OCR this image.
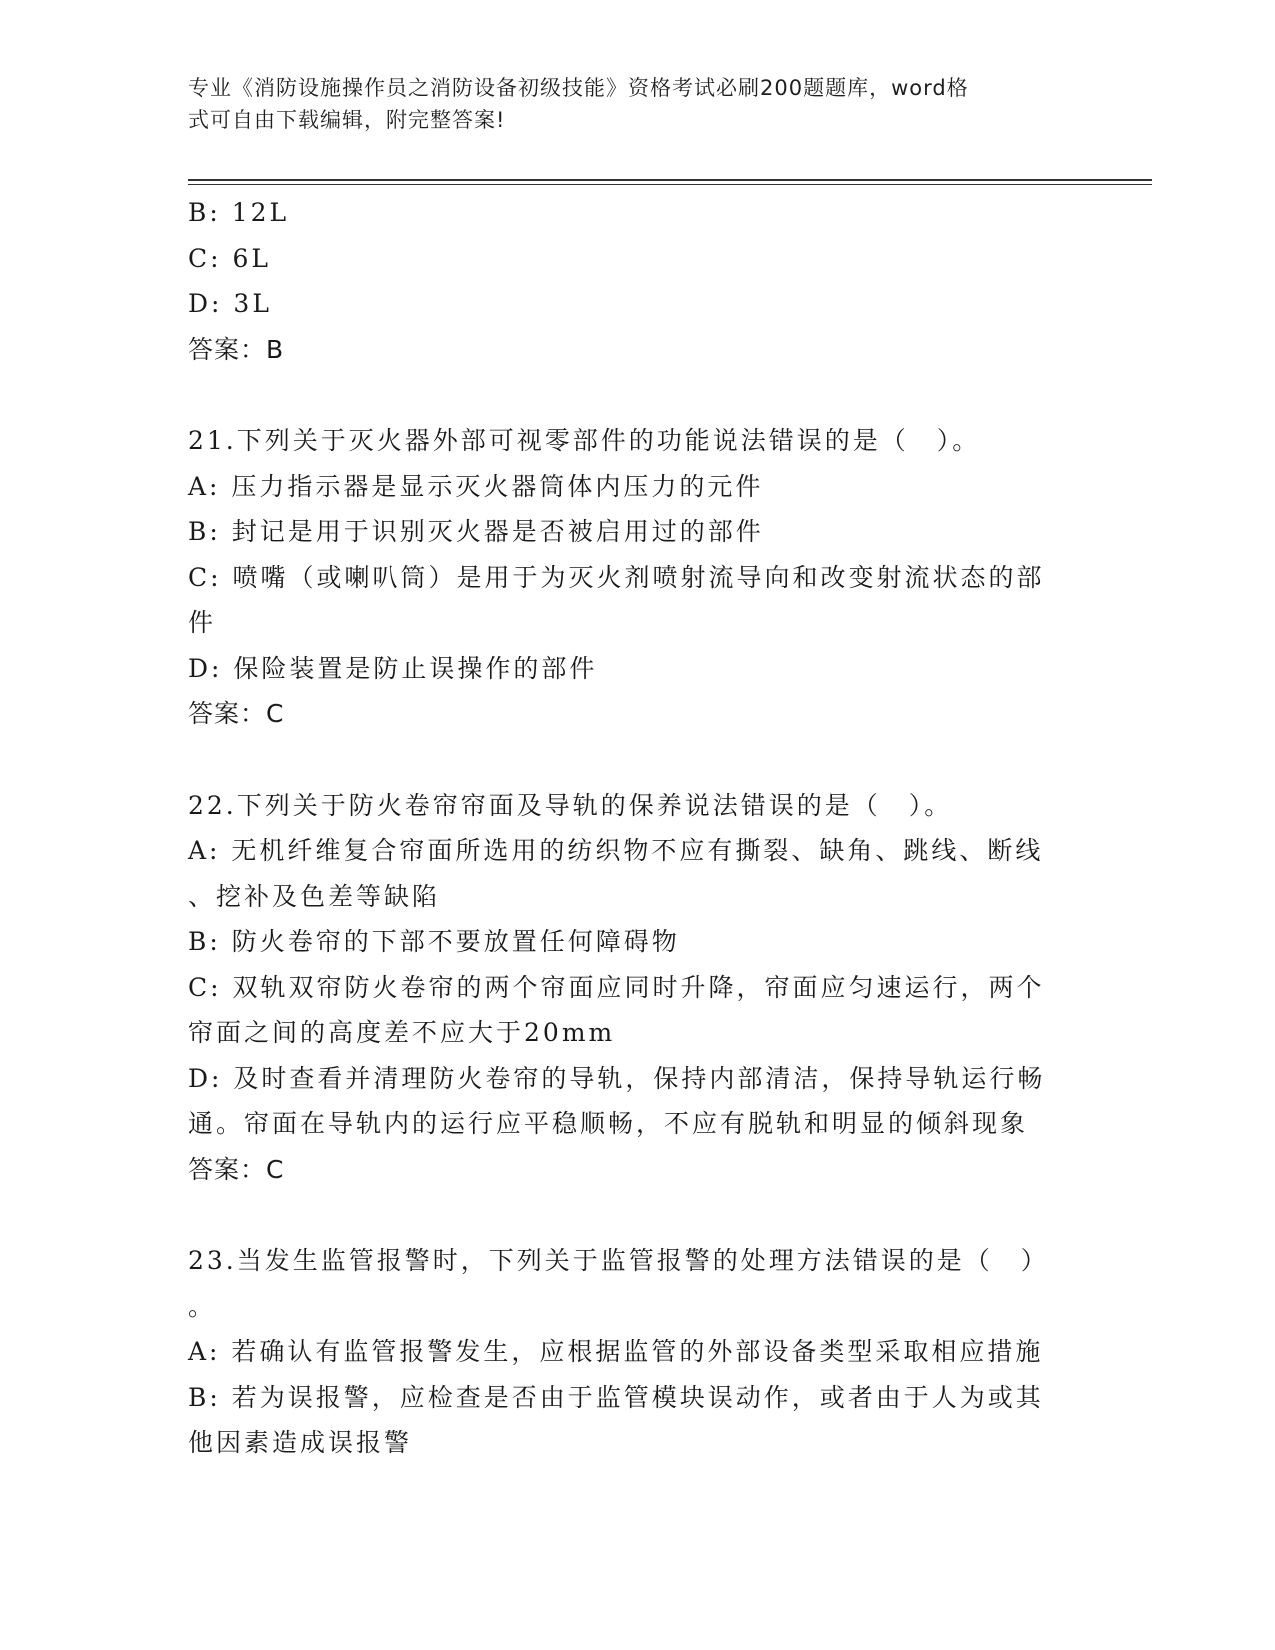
专业《消防设施操作员之消防设备初级技能》资格考试必刷200题题库，word格
式可自由下载编辑，附完整答案!

B: 12L

C: 6L

D: 3L

答案：B

21.下列关于灭火器外部可视零部件的功能说法错误的是（　）。

A: 压力指示器是显示灭火器筒体内压力的元件

B: 封记是用于识别灭火器是否被启用过的部件

C: 喷嘴（或喇叭筒）是用于为灭火剂喷射流导向和改变射流状态的部

件

D: 保险装置是防止误操作的部件

答案：C

22.下列关于防火卷帘帘面及导轨的保养说法错误的是（　）。

A: 无机纤维复合帘面所选用的纺织物不应有撕裂、缺角、跳线、断线

、挖补及色差等缺陷

B: 防火卷帘的下部不要放置任何障碍物

C: 双轨双帘防火卷帘的两个帘面应同时升降，帘面应匀速运行，两个

帘面之间的高度差不应大于20mm

D: 及时查看并清理防火卷帘的导轨，保持内部清洁，保持导轨运行畅

通。帘面在导轨内的运行应平稳顺畅，不应有脱轨和明显的倾斜现象

答案：C

23.当发生监管报警时，下列关于监管报警的处理方法错误的是（　）

。

A: 若确认有监管报警发生，应根据监管的外部设备类型采取相应措施

B: 若为误报警，应检查是否由于监管模块误动作，或者由于人为或其

他因素造成误报警
